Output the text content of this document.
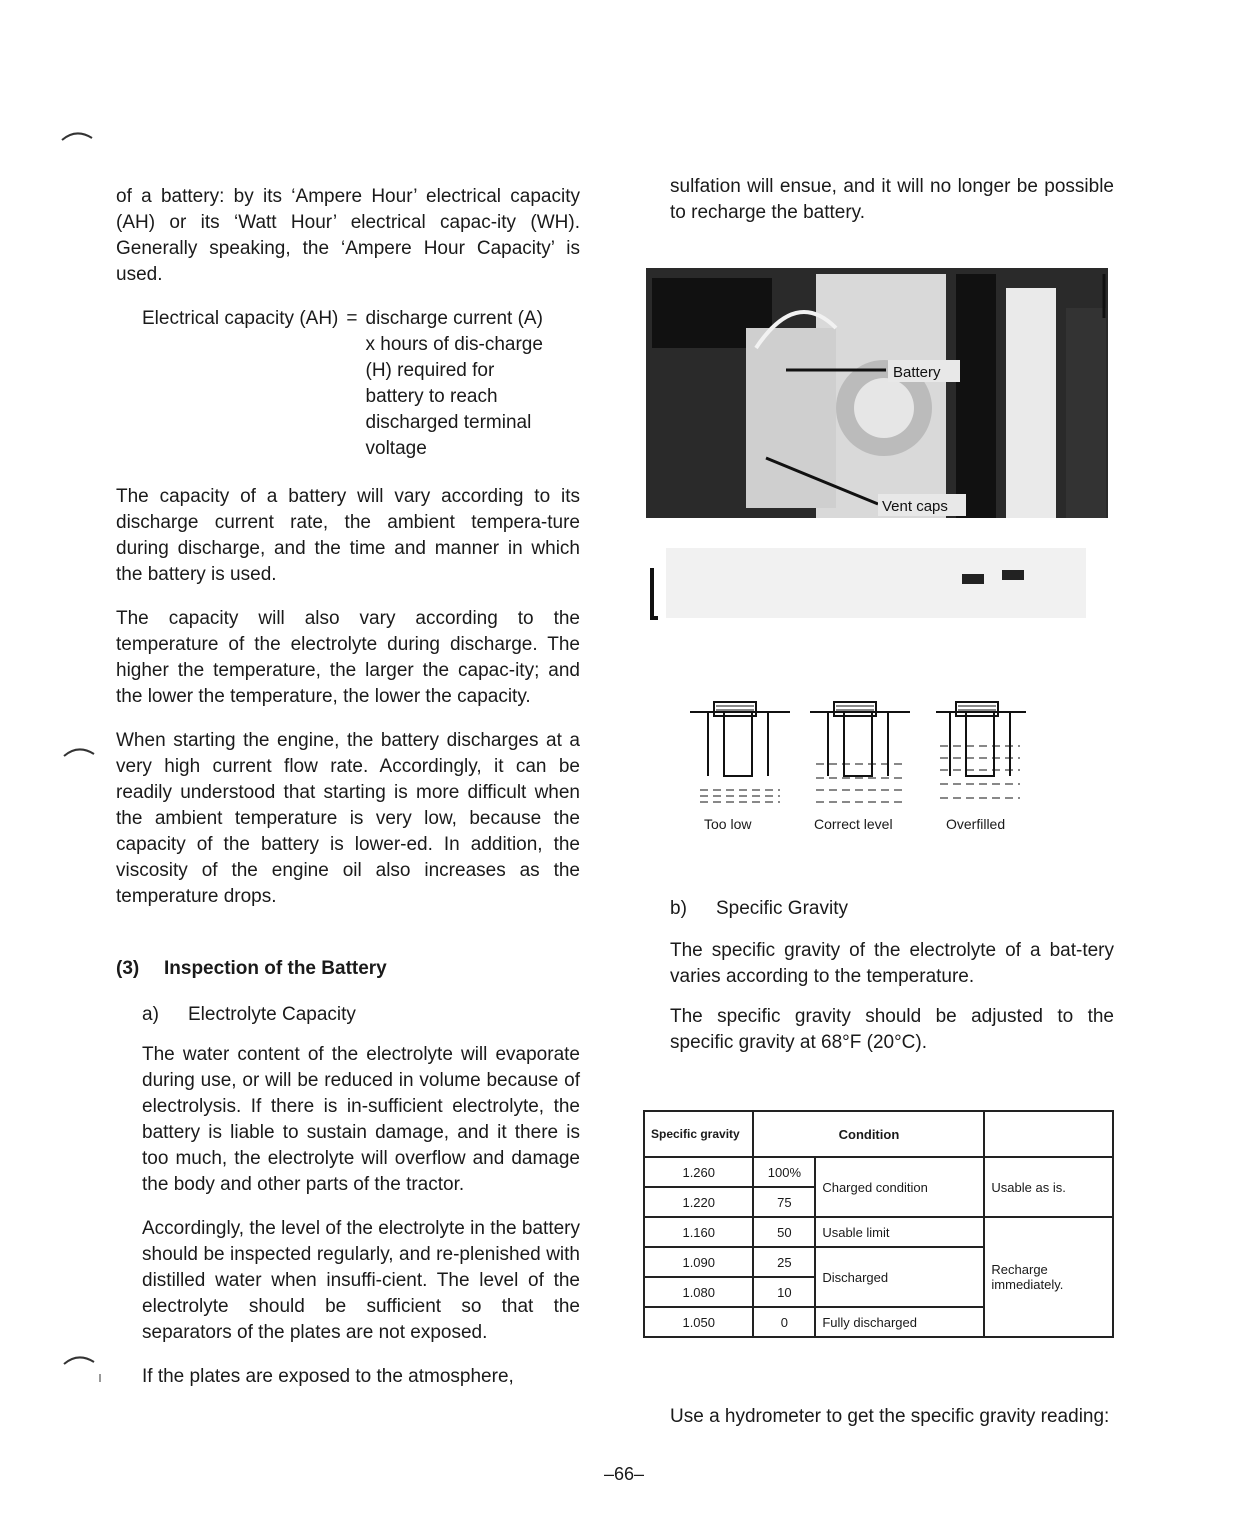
of a battery: by its ‘Ampere Hour’ electrical capacity (AH) or its ‘Watt Hour’ electrical capac-ity (WH). Generally speaking, the ‘Ampere Hour Capacity’ is used.

Electrical capacity (AH) = discharge current (A) x hours of dis-charge (H) required for battery to reach discharged terminal voltage

The capacity of a battery will vary according to its discharge current rate, the ambient tempera-ture during discharge, and the time and manner in which the battery is used.

The capacity will also vary according to the temperature of the electrolyte during discharge. The higher the temperature, the larger the capac-ity; and the lower the temperature, the lower the capacity.

When starting the engine, the battery discharges at a very high current flow rate. Accordingly, it can be readily understood that starting is more difficult when the ambient temperature is very low, because the capacity of the battery is lower-ed. In addition, the viscosity of the engine oil also increases as the temperature drops.

(3) Inspection of the Battery
a) Electrolyte Capacity

The water content of the electrolyte will evaporate during use, or will be reduced in volume because of electrolysis. If there is in-sufficient electrolyte, the battery is liable to sustain damage, and it there is too much, the electrolyte will overflow and damage the body and other parts of the tractor.

Accordingly, the level of the electrolyte in the battery should be inspected regularly, and re-plenished with distilled water when insuffi-cient. The level of the electrolyte should be sufficient so that the separators of the plates are not exposed.

If the plates are exposed to the atmosphere,

sulfation will ensue, and it will no longer be possible to recharge the battery.

Battery
Vent caps
Too low	Correct level	Overfilled
b) Specific Gravity

The specific gravity of the electrolyte of a bat-tery varies according to the temperature.

The specific gravity should be adjusted to the specific gravity at 68°F (20°C).

Specific gravity	Condition		
1.260	100%	Charged condition	Usable as is.
1.220	75		
1.160	50	Usable limit	Recharge immediately.
1.090	25	Discharged	
1.080	10		
1.050	0	Fully discharged	

Use a hydrometer to get the specific gravity reading:

–66–
